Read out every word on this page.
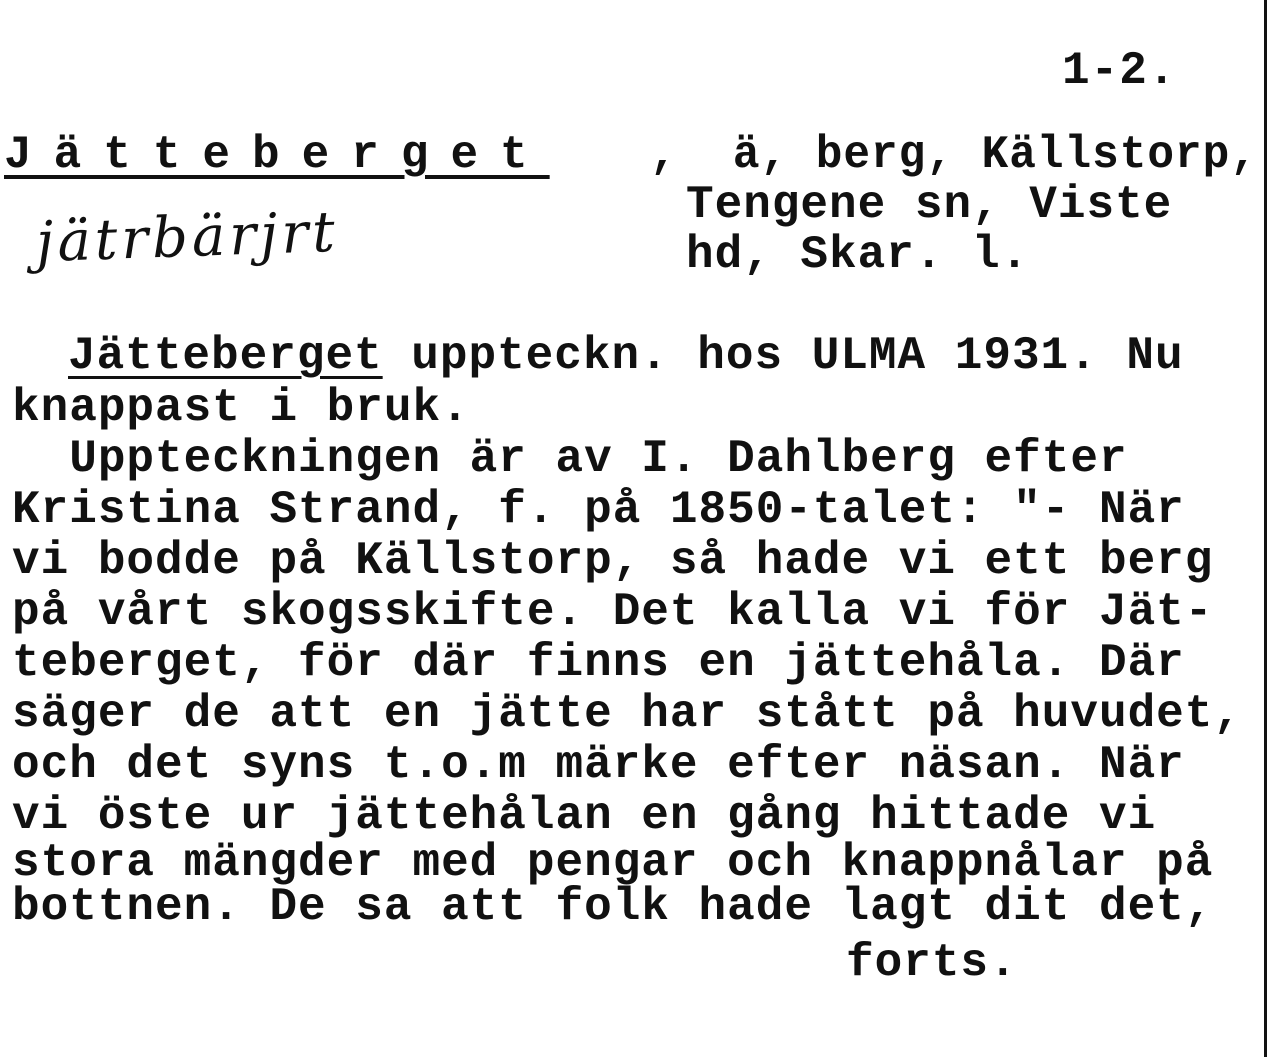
1-2.
Jätteberget ,  ä, berg, Källstorp,
Tengene sn, Viste
hd, Skar. l.
jätrbärjrt
Jätteberget uppteckn. hos ULMA 1931. Nu
knappast i bruk.
Uppteckningen är av I. Dahlberg efter
Kristina Strand, f. på 1850-talet: "- När
vi bodde på Källstorp, så hade vi ett berg
på vårt skogsskifte. Det kalla vi för Jät-
teberget, för där finns en jättehåla. Där
säger de att en jätte har stått på huvudet,
och det syns t.o.m märke efter näsan. När
vi öste ur jättehålan en gång hittade vi
stora mängder med pengar och knappnålar på
bottnen. De sa att folk hade lagt dit det,
forts.
